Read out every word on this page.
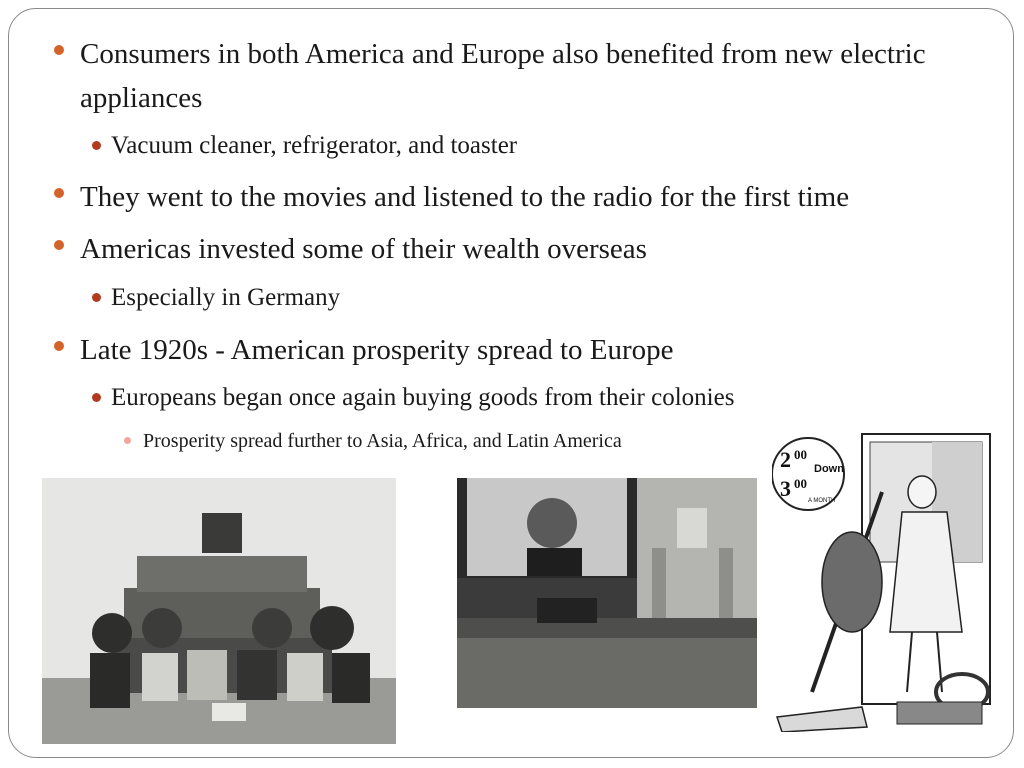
Consumers in both America and Europe also benefited from new electric appliances
Vacuum cleaner, refrigerator, and toaster
They went to the movies and listened to the radio for the first time
Americas invested some of their wealth overseas
Especially in Germany
Late 1920s - American prosperity spread to Europe
Europeans began once again buying goods from their colonies
Prosperity spread further to Asia, Africa, and Latin America
2 00
Down
3 00
A MONTH
